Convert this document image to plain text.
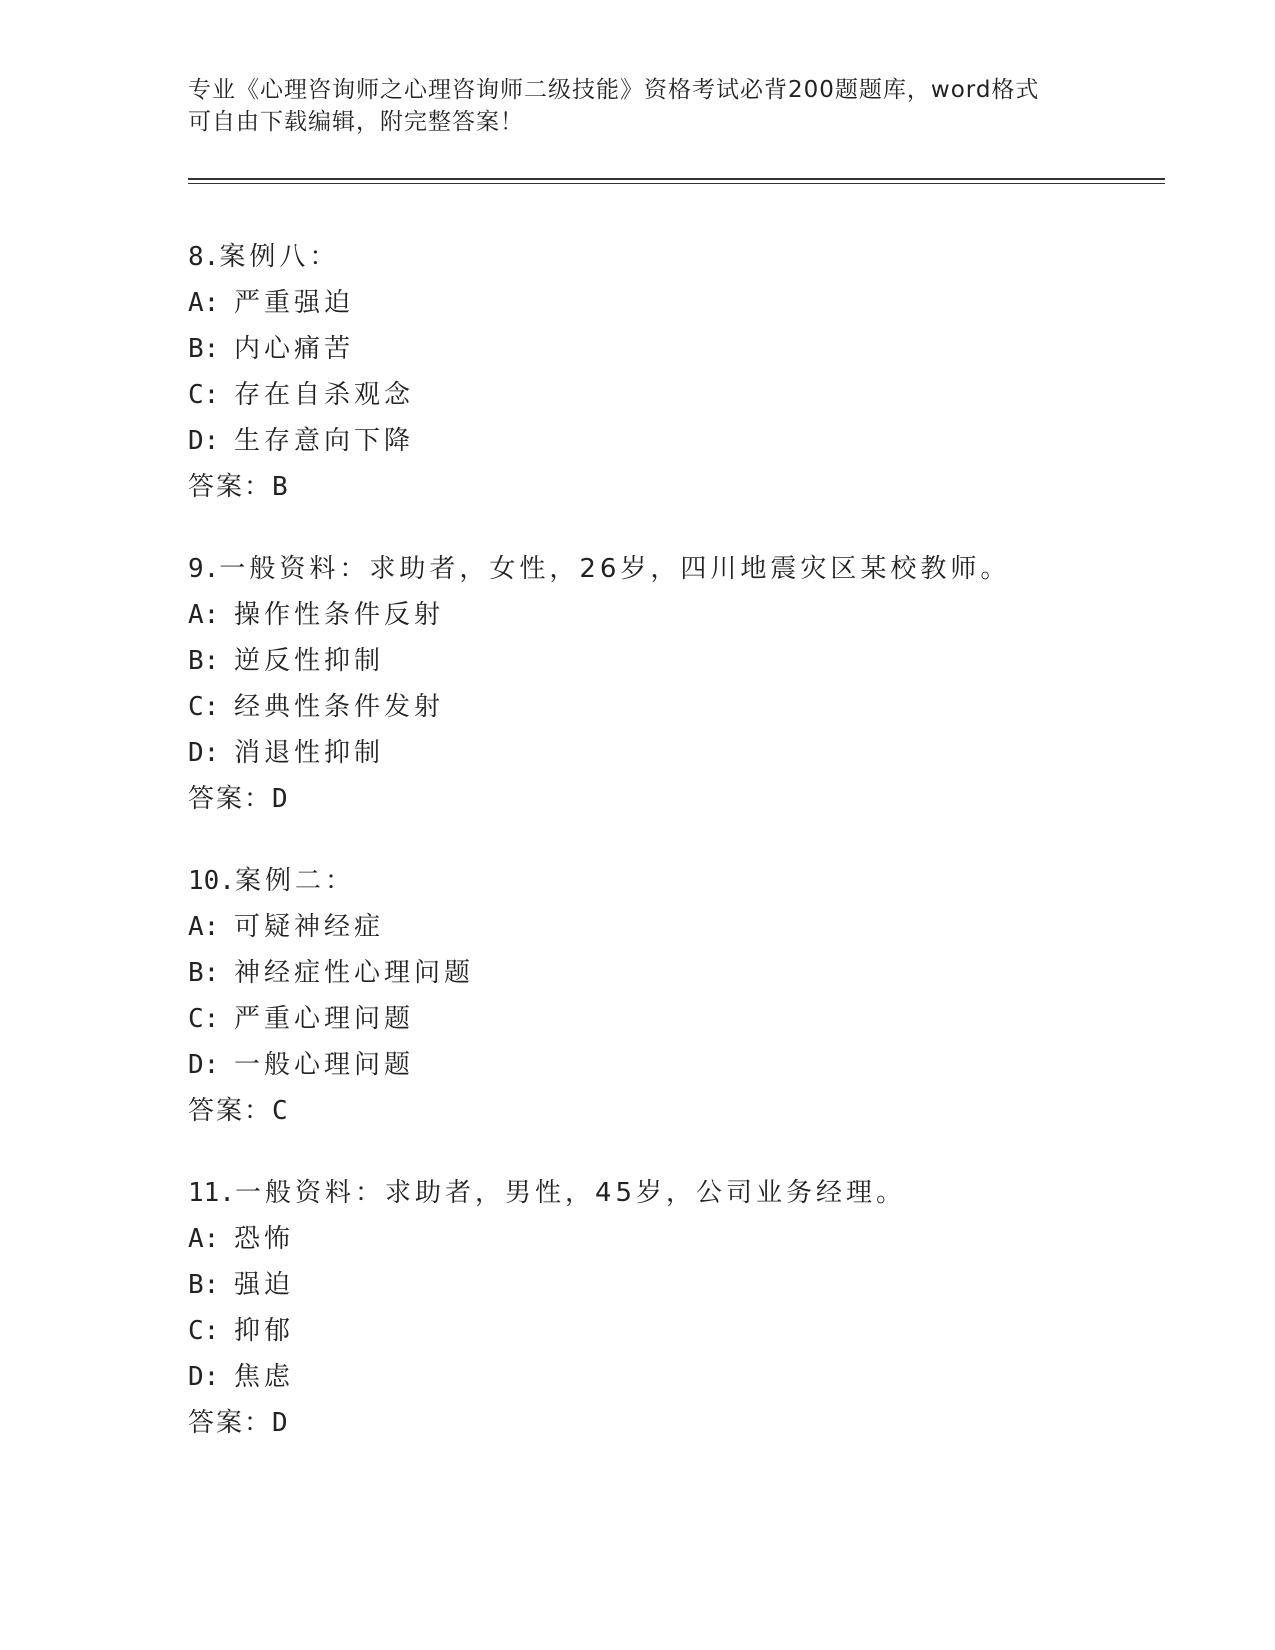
专业《心理咨询师之心理咨询师二级技能》资格考试必背200题题库，word格式
可自由下载编辑，附完整答案！
8.案例八：
A: 严重强迫
B: 内心痛苦
C: 存在自杀观念
D: 生存意向下降
答案：B
9.一般资料：求助者，女性，26岁，四川地震灾区某校教师。
A: 操作性条件反射
B: 逆反性抑制
C: 经典性条件发射
D: 消退性抑制
答案：D
10.案例二：
A: 可疑神经症
B: 神经症性心理问题
C: 严重心理问题
D: 一般心理问题
答案：C
11.一般资料：求助者，男性，45岁，公司业务经理。
A: 恐怖
B: 强迫
C: 抑郁
D: 焦虑
答案：D
